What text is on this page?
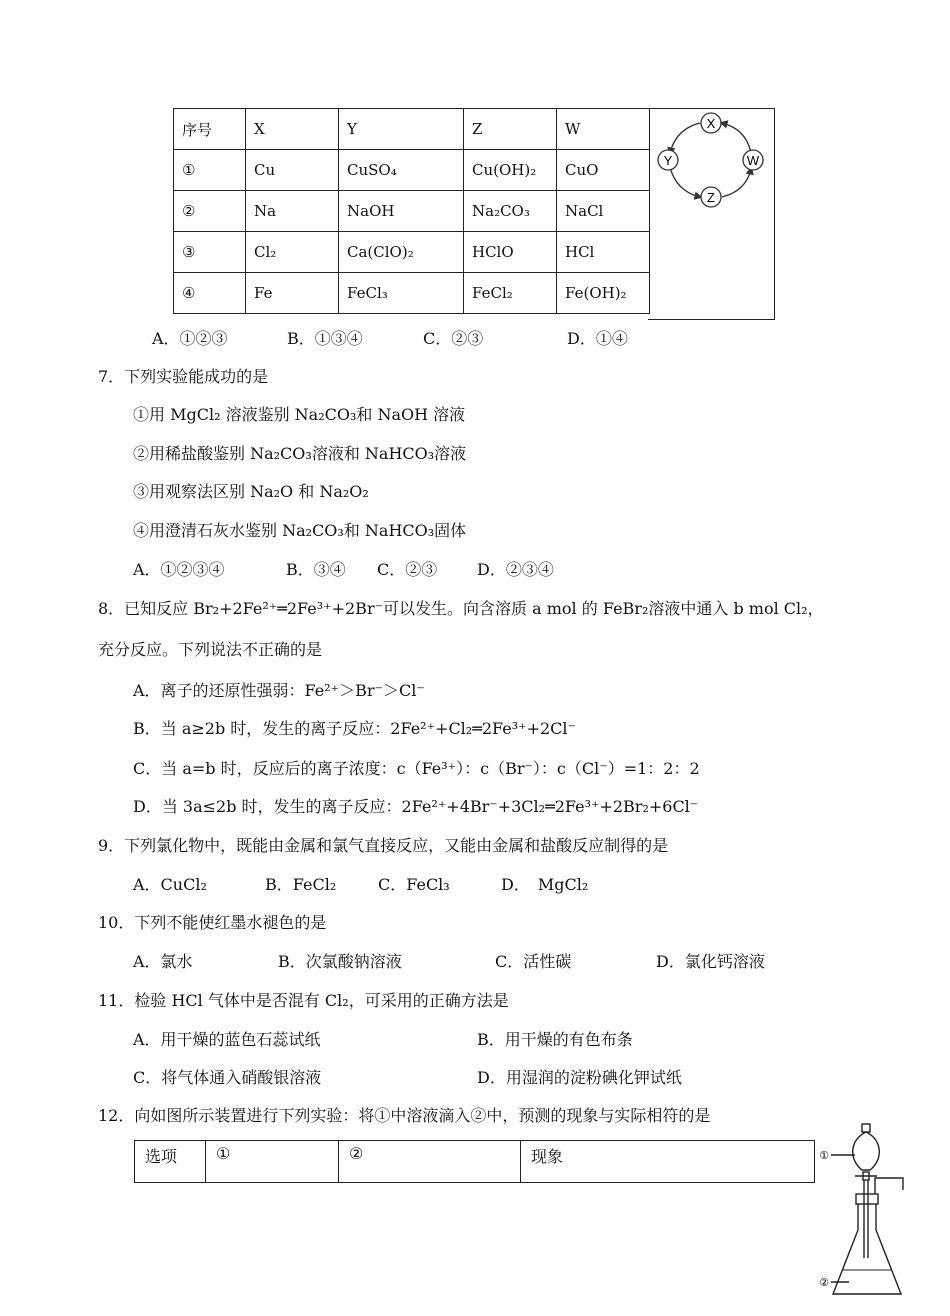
序号	X	Y	Z	W
①	Cu	CuSO₄	Cu(OH)₂	CuO
②	Na	NaOH	Na₂CO₃	NaCl
③	Cl₂	Ca(ClO)₂	HClO	HCl
④	Fe	FeCl₃	FeCl₂	Fe(OH)₂
X
Y	W
Z
A．①②③	B．①③④	C．②③	D．①④
7．下列实验能成功的是
①用 MgCl₂ 溶液鉴别 Na₂CO₃和 NaOH 溶液
②用稀盐酸鉴别 Na₂CO₃溶液和 NaHCO₃溶液
③用观察法区别 Na₂O 和 Na₂O₂
④用澄清石灰水鉴别 Na₂CO₃和 NaHCO₃固体
A．①②③④	B．③④ C．②③ D．②③④
8．已知反应 Br₂+2Fe²⁺═2Fe³⁺+2Br⁻可以发生。向含溶质 a mol 的 FeBr₂溶液中通入 b mol Cl₂，
充分反应。下列说法不正确的是
A．离子的还原性强弱：Fe²⁺＞Br⁻＞Cl⁻
B．当 a≥2b 时，发生的离子反应：2Fe²⁺+Cl₂═2Fe³⁺+2Cl⁻
C．当 a=b 时，反应后的离子浓度：c（Fe³⁺）：c（Br⁻）：c（Cl⁻）=1：2：2
D．当 3a≤2b 时，发生的离子反应：2Fe²⁺+4Br⁻+3Cl₂═2Fe³⁺+2Br₂+6Cl⁻
9．下列氯化物中，既能由金属和氯气直接反应，又能由金属和盐酸反应制得的是
A．CuCl₂	B．FeCl₂	C．FeCl₃	D．　MgCl₂
10．下列不能使红墨水褪色的是
A．氯水	B．次氯酸钠溶液	C．活性碳	D．氯化钙溶液
11．检验 HCl 气体中是否混有 Cl₂，可采用的正确方法是
A．用干燥的蓝色石蕊试纸	B．用干燥的有色布条
C．将气体通入硝酸银溶液	D．用湿润的淀粉碘化钾试纸
12．向如图所示装置进行下列实验：将①中溶液滴入②中，预测的现象与实际相符的是
选项	①	②	现象	①
②
